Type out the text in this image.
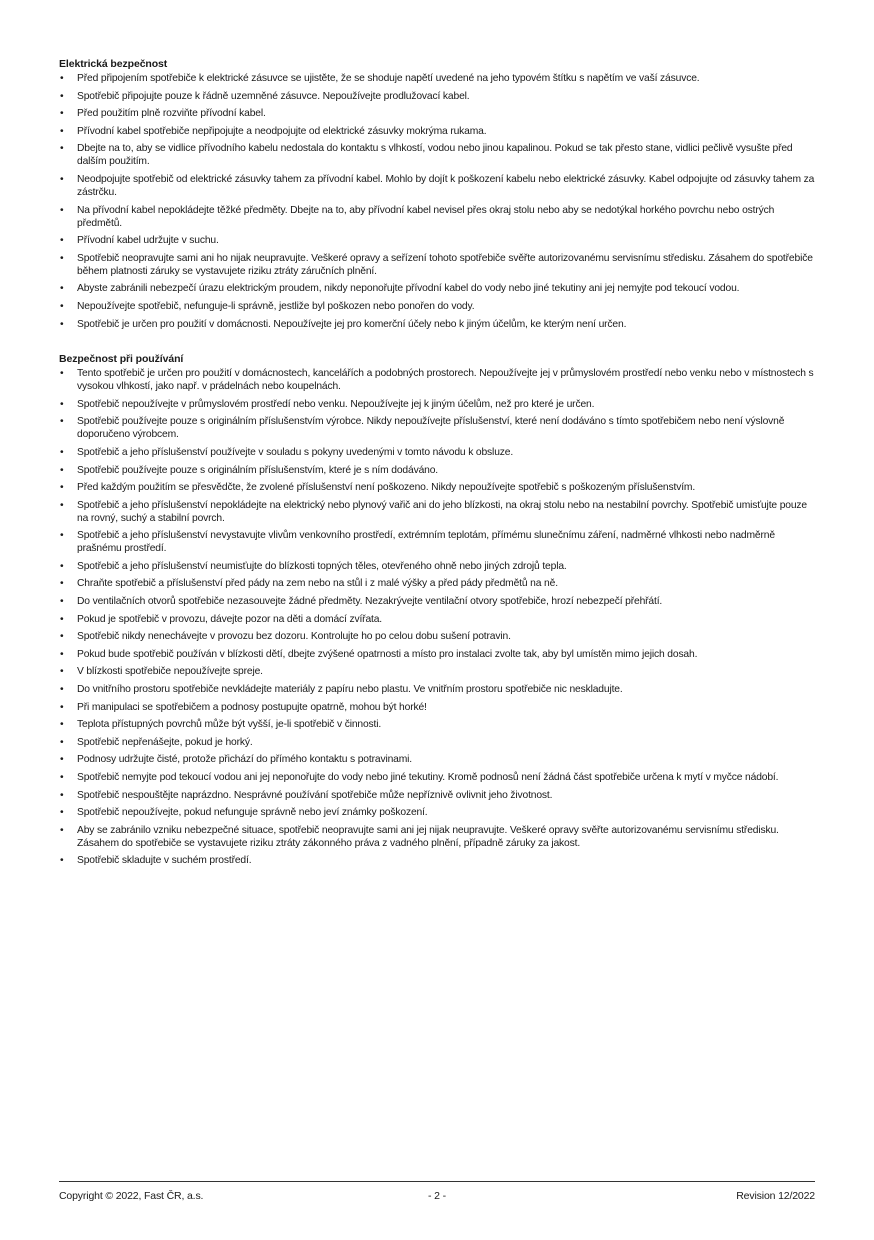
Elektrická bezpečnost
• Před připojením spotřebiče k elektrické zásuvce se ujistěte, že se shoduje napětí uvedené na jeho typovém štítku s napětím ve vaší zásuvce.
• Spotřebič připojujte pouze k řádně uzemněné zásuvce. Nepoužívejte prodlužovací kabel.
• Před použitím plně rozviňte přívodní kabel.
• Přívodní kabel spotřebiče nepřipojujte a neodpojujte od elektrické zásuvky mokrýma rukama.
• Dbejte na to, aby se vidlice přívodního kabelu nedostala do kontaktu s vlhkostí, vodou nebo jinou kapalinou. Pokud se tak přesto stane, vidlici pečlivě vysušte před dalším použitím.
• Neodpojujte spotřebič od elektrické zásuvky tahem za přívodní kabel. Mohlo by dojít k poškození kabelu nebo elektrické zásuvky. Kabel odpojujte od zásuvky tahem za zástrčku.
• Na přívodní kabel nepokládejte těžké předměty. Dbejte na to, aby přívodní kabel nevisel přes okraj stolu nebo aby se nedotýkal horkého povrchu nebo ostrých předmětů.
• Přívodní kabel udržujte v suchu.
• Spotřebič neopravujte sami ani ho nijak neupravujte. Veškeré opravy a seřízení tohoto spotřebiče svěřte autorizovanému servisnímu středisku. Zásahem do spotřebiče během platnosti záruky se vystavujete riziku ztráty záručních plnění.
• Abyste zabránili nebezpečí úrazu elektrickým proudem, nikdy neponořujte přívodní kabel do vody nebo jiné tekutiny ani jej nemyjte pod tekoucí vodou.
• Nepoužívejte spotřebič, nefunguje-li správně, jestliže byl poškozen nebo ponořen do vody.
• Spotřebič je určen pro použití v domácnosti. Nepoužívejte jej pro komerční účely nebo k jiným účelům, ke kterým není určen.
Bezpečnost při používání
• Tento spotřebič je určen pro použití v domácnostech, kancelářích a podobných prostorech. Nepoužívejte jej v průmyslovém prostředí nebo venku nebo v místnostech s vysokou vlhkostí, jako např. v prádelnách nebo koupelnách.
• Spotřebič nepoužívejte v průmyslovém prostředí nebo venku. Nepoužívejte jej k jiným účelům, než pro které je určen.
• Spotřebič používejte pouze s originálním příslušenstvím výrobce. Nikdy nepoužívejte příslušenství, které není dodáváno s tímto spotřebičem nebo není výslovně doporučeno výrobcem.
• Spotřebič a jeho příslušenství používejte v souladu s pokyny uvedenými v tomto návodu k obsluze.
• Spotřebič používejte pouze s originálním příslušenstvím, které je s ním dodáváno.
• Před každým použitím se přesvědčte, že zvolené příslušenství není poškozeno. Nikdy nepoužívejte spotřebič s poškozeným příslušenstvím.
• Spotřebič a jeho příslušenství nepokládejte na elektrický nebo plynový vařič ani do jeho blízkosti, na okraj stolu nebo na nestabilní povrchy. Spotřebič umisťujte pouze na rovný, suchý a stabilní povrch.
• Spotřebič a jeho příslušenství nevystavujte vlivům venkovního prostředí, extrémním teplotám, přímému slunečnímu záření, nadměrné vlhkosti nebo nadměrně prašnému prostředí.
• Spotřebič a jeho příslušenství neumisťujte do blízkosti topných těles, otevřeného ohně nebo jiných zdrojů tepla.
• Chraňte spotřebič a příslušenství před pády na zem nebo na stůl i z malé výšky a před pády předmětů na ně.
• Do ventilačních otvorů spotřebiče nezasouvejte žádné předměty. Nezakrývejte ventilační otvory spotřebiče, hrozí nebezpečí přehřátí.
• Pokud je spotřebič v provozu, dávejte pozor na děti a domácí zvířata.
• Spotřebič nikdy nenechávejte v provozu bez dozoru. Kontrolujte ho po celou dobu sušení potravin.
• Pokud bude spotřebič používán v blízkosti dětí, dbejte zvýšené opatrnosti a místo pro instalaci zvolte tak, aby byl umístěn mimo jejich dosah.
• V blízkosti spotřebiče nepoužívejte spreje.
• Do vnitřního prostoru spotřebiče nevkládejte materiály z papíru nebo plastu. Ve vnitřním prostoru spotřebiče nic neskladujte.
• Při manipulaci se spotřebičem a podnosy postupujte opatrně, mohou být horké!
• Teplota přístupných povrchů může být vyšší, je-li spotřebič v činnosti.
• Spotřebič nepřenášejte, pokud je horký.
• Podnosy udržujte čisté, protože přichází do přímého kontaktu s potravinami.
• Spotřebič nemyjte pod tekoucí vodou ani jej neponořujte do vody nebo jiné tekutiny. Kromě podnosů není žádná část spotřebiče určena k mytí v myčce nádobí.
• Spotřebič nespouštějte naprázdno. Nesprávné používání spotřebiče může nepříznivě ovlivnit jeho životnost.
• Spotřebič nepoužívejte, pokud nefunguje správně nebo jeví známky poškození.
• Aby se zabránilo vzniku nebezpečné situace, spotřebič neopravujte sami ani jej nijak neupravujte. Veškeré opravy svěřte autorizovanému servisnímu středisku. Zásahem do spotřebiče se vystavujete riziku ztráty zákonného práva z vadného plnění, případně záruky za jakost.
• Spotřebič skladujte v suchém prostředí.
Copyright © 2022, Fast ČR, a.s.	- 2 -	Revision 12/2022
